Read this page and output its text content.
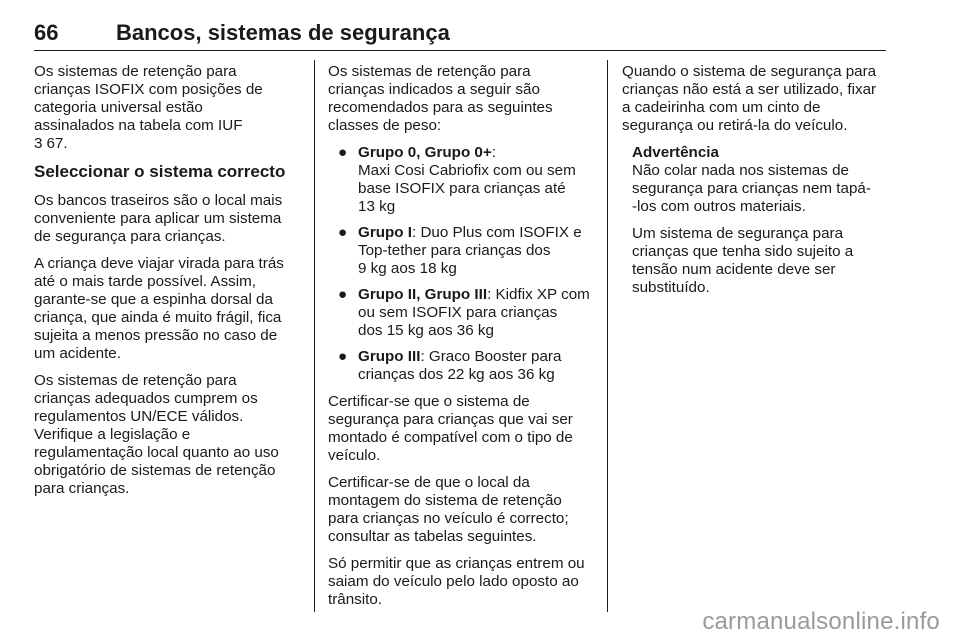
66	Bancos, sistemas de segurança

Os sistemas de retenção para
crianças ISOFIX com posições de
categoria universal estão
assinalados na tabela com IUF
3 67.

Seleccionar o sistema correcto

Os bancos traseiros são o local mais
conveniente para aplicar um sistema
de segurança para crianças.

A criança deve viajar virada para trás
até o mais tarde possível. Assim,
garante-se que a espinha dorsal da
criança, que ainda é muito frágil, fica
sujeita a menos pressão no caso de
um acidente.

Os sistemas de retenção para
crianças adequados cumprem os
regulamentos UN/ECE válidos.
Verifique a legislação e
regulamentação local quanto ao uso
obrigatório de sistemas de retenção
para crianças.

Os sistemas de retenção para
crianças indicados a seguir são
recomendados para as seguintes
classes de peso:

● Grupo 0, Grupo 0+:
Maxi Cosi Cabriofix com ou sem
base ISOFIX para crianças até
13 kg
● Grupo I: Duo Plus com ISOFIX e
Top-tether para crianças dos
9 kg aos 18 kg
● Grupo II, Grupo III: Kidfix XP com
ou sem ISOFIX para crianças
dos 15 kg aos 36 kg
● Grupo III: Graco Booster para
crianças dos 22 kg aos 36 kg

Certificar-se que o sistema de
segurança para crianças que vai ser
montado é compatível com o tipo de
veículo.

Certificar-se de que o local da
montagem do sistema de retenção
para crianças no veículo é correcto;
consultar as tabelas seguintes.

Só permitir que as crianças entrem ou
saiam do veículo pelo lado oposto ao
trânsito.

Quando o sistema de segurança para
crianças não está a ser utilizado, fixar
a cadeirinha com um cinto de
segurança ou retirá-la do veículo.

Advertência

Não colar nada nos sistemas de
segurança para crianças nem tapá-
-los com outros materiais.

Um sistema de segurança para
crianças que tenha sido sujeito a
tensão num acidente deve ser
substituído.

carmanualsonline.info
